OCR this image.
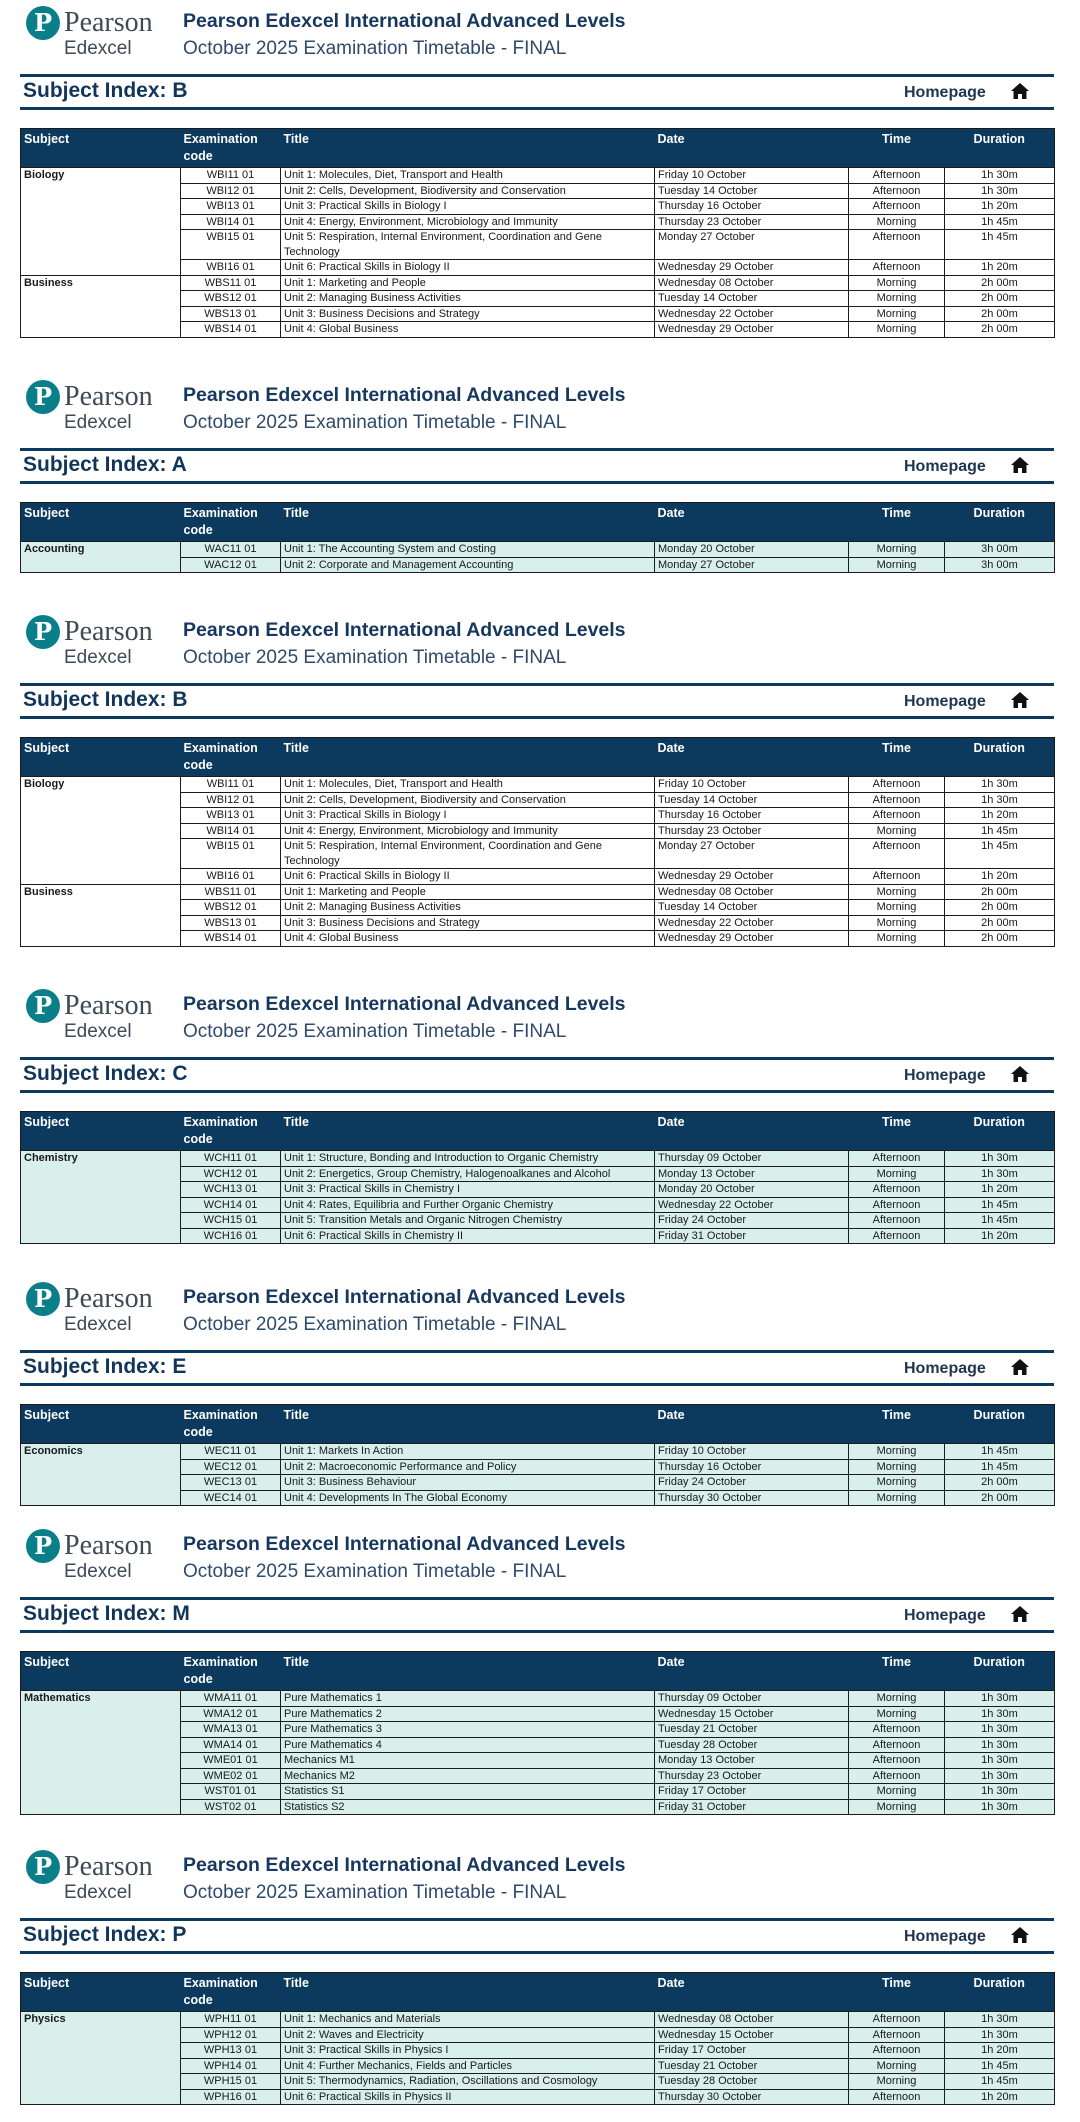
P Pearson
Edexcel
Pearson Edexcel International Advanced Levels
October 2025 Examination Timetable - FINAL
Subject Index: B	Homepage
Subject	Examination code	Title	Date	Time	Duration
Biology	WBI11 01	Unit 1: Molecules, Diet, Transport and Health	Friday 10 October	Afternoon	1h 30m
	WBI12 01	Unit 2: Cells, Development, Biodiversity and Conservation	Tuesday 14 October	Afternoon	1h 30m
	WBI13 01	Unit 3: Practical Skills in Biology I	Thursday 16 October	Afternoon	1h 20m
	WBI14 01	Unit 4: Energy, Environment, Microbiology and Immunity	Thursday 23 October	Morning	1h 45m
	WBI15 01	Unit 5: Respiration, Internal Environment, Coordination and Gene Technology	Monday 27 October	Afternoon	1h 45m
	WBI16 01	Unit 6: Practical Skills in Biology II	Wednesday 29 October	Afternoon	1h 20m
Business	WBS11 01	Unit 1: Marketing and People	Wednesday 08 October	Morning	2h 00m
	WBS12 01	Unit 2: Managing Business Activities	Tuesday 14 October	Morning	2h 00m
	WBS13 01	Unit 3: Business Decisions and Strategy	Wednesday 22 October	Morning	2h 00m
	WBS14 01	Unit 4: Global Business	Wednesday 29 October	Morning	2h 00m
P Pearson
Edexcel
Pearson Edexcel International Advanced Levels
October 2025 Examination Timetable - FINAL
Subject Index: A	Homepage
Subject	Examination code	Title	Date	Time	Duration
Accounting	WAC11 01	Unit 1: The Accounting System and Costing	Monday 20 October	Morning	3h 00m
	WAC12 01	Unit 2: Corporate and Management Accounting	Monday 27 October	Morning	3h 00m
P Pearson
Edexcel
Pearson Edexcel International Advanced Levels
October 2025 Examination Timetable - FINAL
Subject Index: B	Homepage
Subject	Examination code	Title	Date	Time	Duration
Biology	WBI11 01	Unit 1: Molecules, Diet, Transport and Health	Friday 10 October	Afternoon	1h 30m
	WBI12 01	Unit 2: Cells, Development, Biodiversity and Conservation	Tuesday 14 October	Afternoon	1h 30m
	WBI13 01	Unit 3: Practical Skills in Biology I	Thursday 16 October	Afternoon	1h 20m
	WBI14 01	Unit 4: Energy, Environment, Microbiology and Immunity	Thursday 23 October	Morning	1h 45m
	WBI15 01	Unit 5: Respiration, Internal Environment, Coordination and Gene Technology	Monday 27 October	Afternoon	1h 45m
	WBI16 01	Unit 6: Practical Skills in Biology II	Wednesday 29 October	Afternoon	1h 20m
Business	WBS11 01	Unit 1: Marketing and People	Wednesday 08 October	Morning	2h 00m
	WBS12 01	Unit 2: Managing Business Activities	Tuesday 14 October	Morning	2h 00m
	WBS13 01	Unit 3: Business Decisions and Strategy	Wednesday 22 October	Morning	2h 00m
	WBS14 01	Unit 4: Global Business	Wednesday 29 October	Morning	2h 00m
P Pearson
Edexcel
Pearson Edexcel International Advanced Levels
October 2025 Examination Timetable - FINAL
Subject Index: C	Homepage
Subject	Examination code	Title	Date	Time	Duration
Chemistry	WCH11 01	Unit 1: Structure, Bonding and Introduction to Organic Chemistry	Thursday 09 October	Afternoon	1h 30m
	WCH12 01	Unit 2: Energetics, Group Chemistry, Halogenoalkanes and Alcohol	Monday 13 October	Morning	1h 30m
	WCH13 01	Unit 3: Practical Skills in Chemistry I	Monday 20 October	Afternoon	1h 20m
	WCH14 01	Unit 4: Rates, Equilibria and Further Organic Chemistry	Wednesday 22 October	Afternoon	1h 45m
	WCH15 01	Unit 5: Transition Metals and Organic Nitrogen Chemistry	Friday 24 October	Afternoon	1h 45m
	WCH16 01	Unit 6: Practical Skills in Chemistry II	Friday 31 October	Afternoon	1h 20m
P Pearson
Edexcel
Pearson Edexcel International Advanced Levels
October 2025 Examination Timetable - FINAL
Subject Index: E	Homepage
Subject	Examination code	Title	Date	Time	Duration
Economics	WEC11 01	Unit 1: Markets In Action	Friday 10 October	Morning	1h 45m
	WEC12 01	Unit 2: Macroeconomic Performance and Policy	Thursday 16 October	Morning	1h 45m
	WEC13 01	Unit 3: Business Behaviour	Friday 24 October	Morning	2h 00m
	WEC14 01	Unit 4: Developments In The Global Economy	Thursday 30 October	Morning	2h 00m
P Pearson
Edexcel
Pearson Edexcel International Advanced Levels
October 2025 Examination Timetable - FINAL
Subject Index: M	Homepage
Subject	Examination code	Title	Date	Time	Duration
Mathematics	WMA11 01	Pure Mathematics 1	Thursday 09 October	Morning	1h 30m
	WMA12 01	Pure Mathematics 2	Wednesday 15 October	Morning	1h 30m
	WMA13 01	Pure Mathematics 3	Tuesday 21 October	Afternoon	1h 30m
	WMA14 01	Pure Mathematics 4	Tuesday 28 October	Afternoon	1h 30m
	WME01 01	Mechanics M1	Monday 13 October	Afternoon	1h 30m
	WME02 01	Mechanics M2	Thursday 23 October	Afternoon	1h 30m
	WST01 01	Statistics S1	Friday 17 October	Morning	1h 30m
	WST02 01	Statistics S2	Friday 31 October	Morning	1h 30m
P Pearson
Edexcel
Pearson Edexcel International Advanced Levels
October 2025 Examination Timetable - FINAL
Subject Index: P	Homepage
Subject	Examination code	Title	Date	Time	Duration
Physics	WPH11 01	Unit 1: Mechanics and Materials	Wednesday 08 October	Afternoon	1h 30m
	WPH12 01	Unit 2: Waves and Electricity	Wednesday 15 October	Afternoon	1h 30m
	WPH13 01	Unit 3: Practical Skills in Physics I	Friday 17 October	Afternoon	1h 20m
	WPH14 01	Unit 4: Further Mechanics, Fields and Particles	Tuesday 21 October	Morning	1h 45m
	WPH15 01	Unit 5: Thermodynamics, Radiation, Oscillations and Cosmology	Tuesday 28 October	Morning	1h 45m
	WPH16 01	Unit 6: Practical Skills in Physics II	Thursday 30 October	Afternoon	1h 20m
